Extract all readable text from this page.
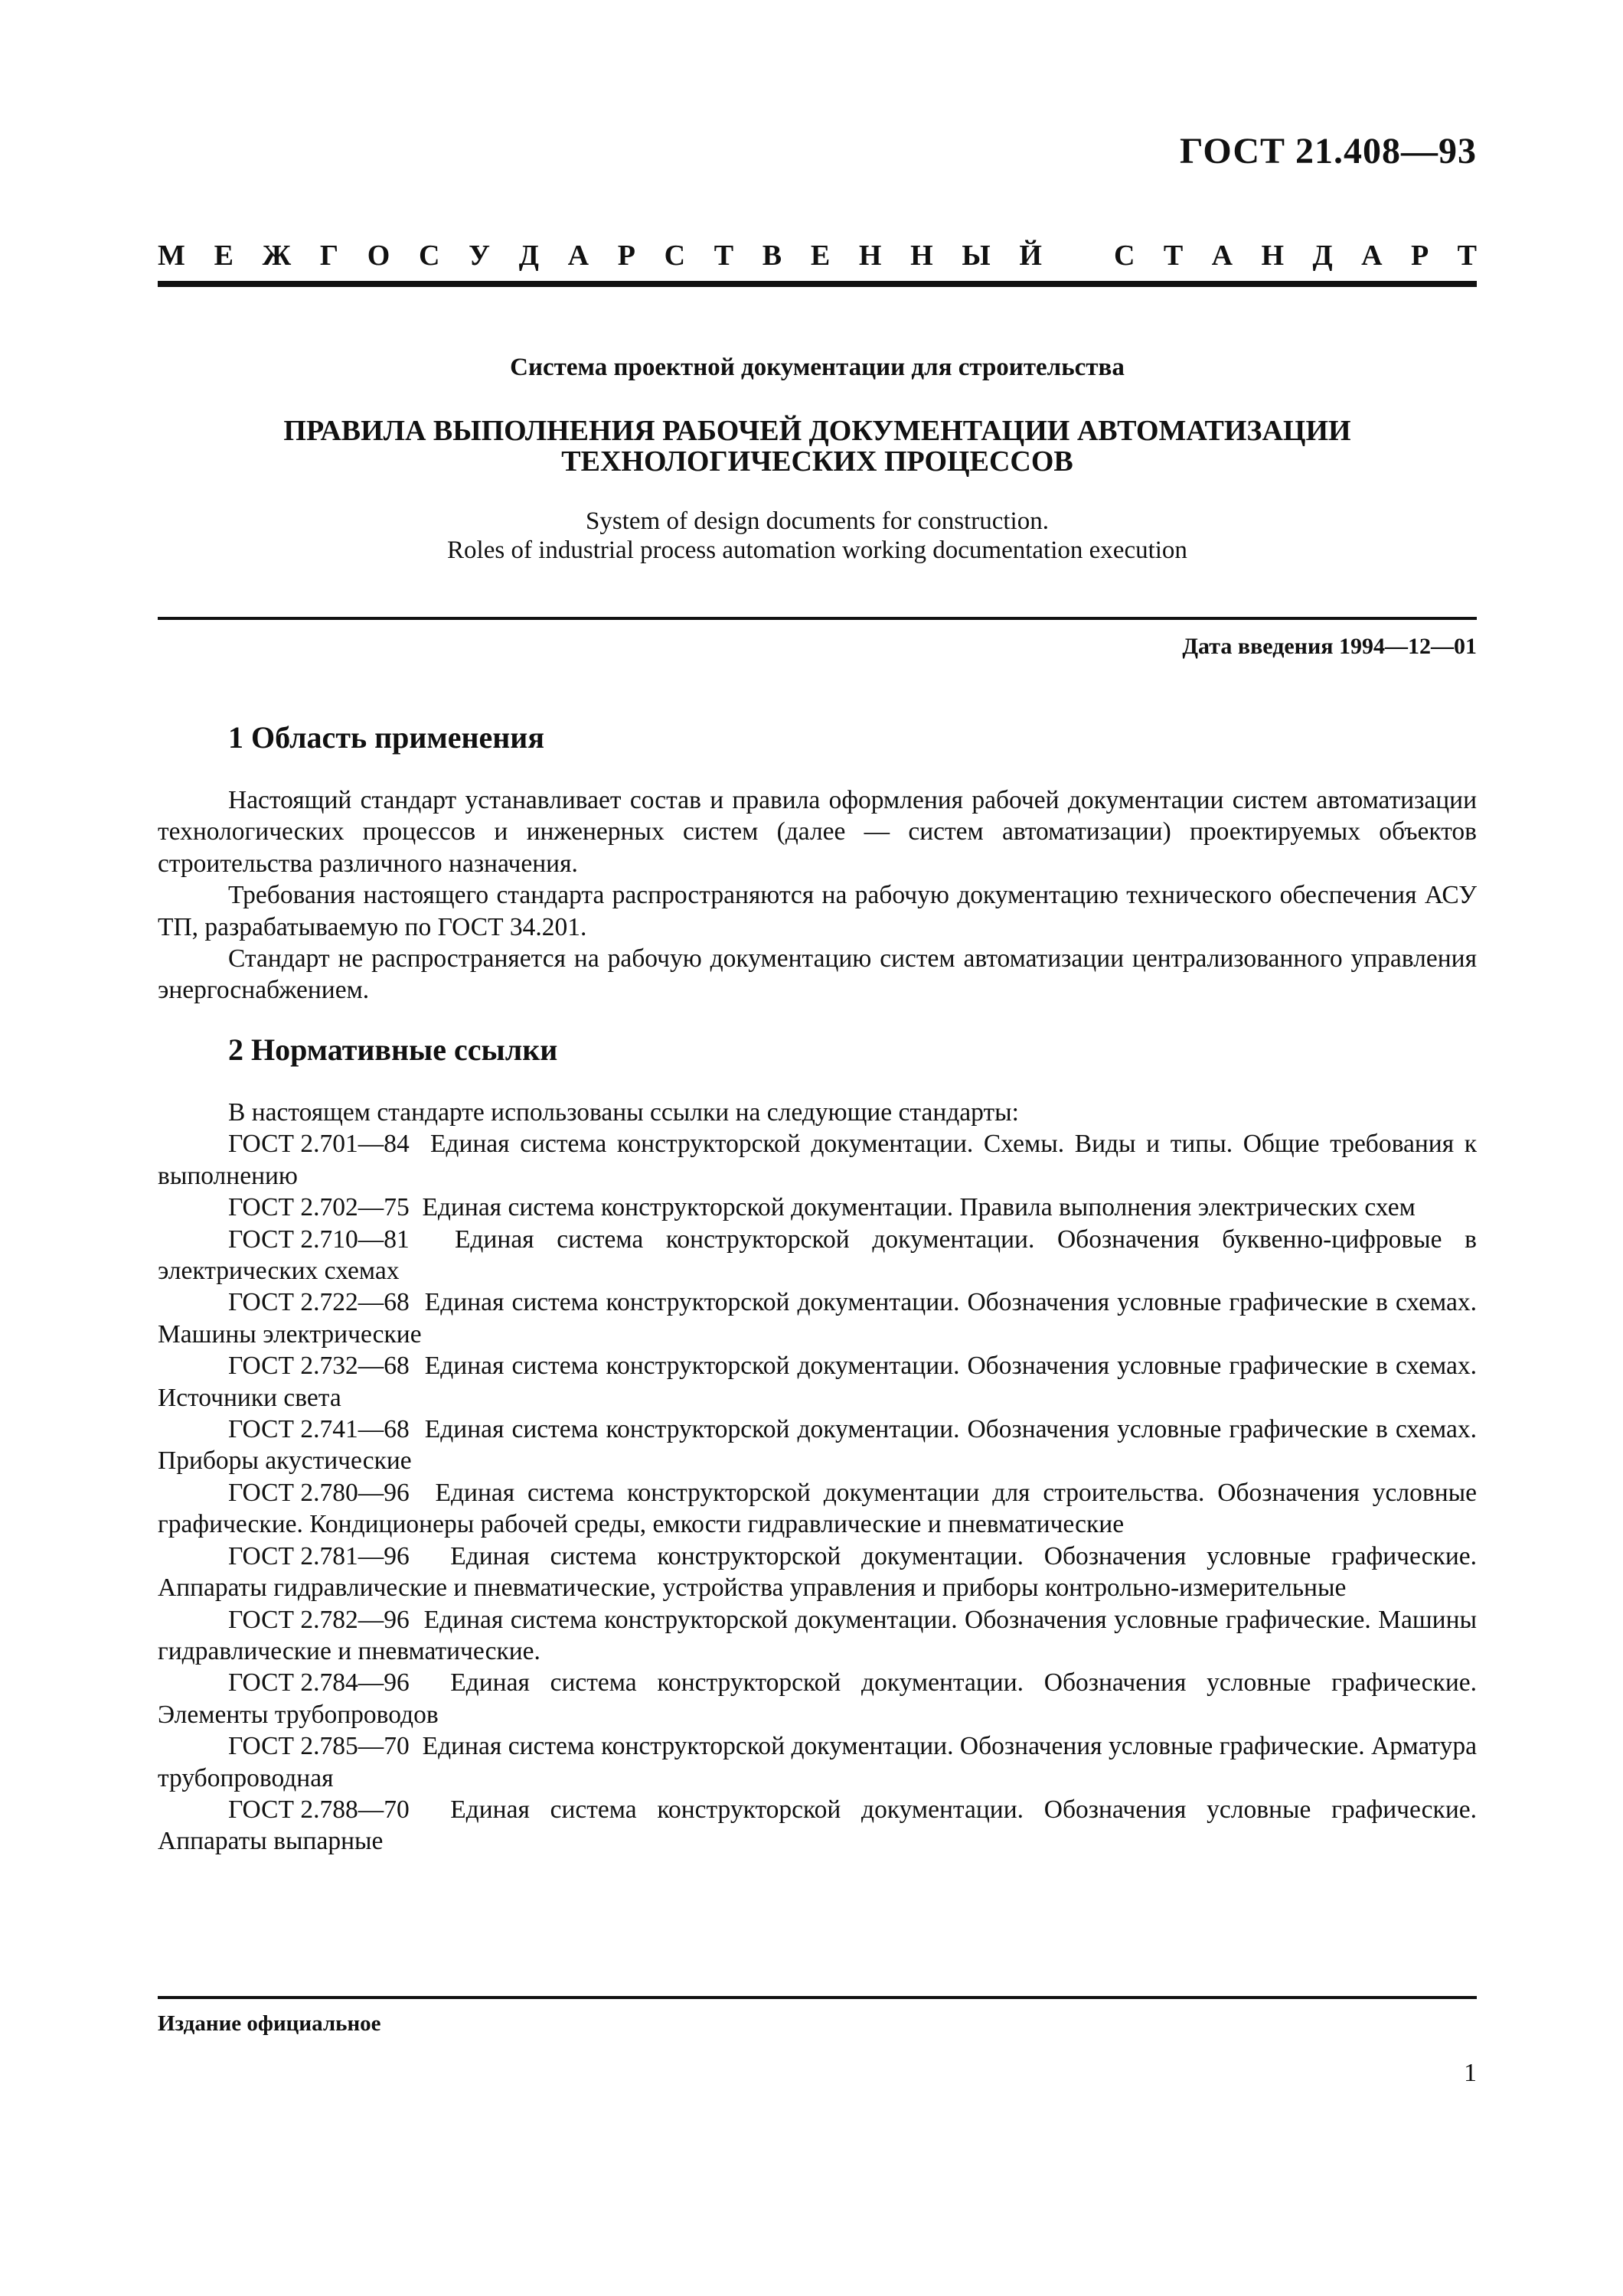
ГОСТ 21.408—93
М Е Ж Г О С У Д А Р С Т В Е Н Н Ы Й С Т А Н Д А Р Т
Система проектной документации для строительства
ПРАВИЛА ВЫПОЛНЕНИЯ РАБОЧЕЙ ДОКУМЕНТАЦИИ АВТОМАТИЗАЦИИ
ТЕХНОЛОГИЧЕСКИХ ПРОЦЕССОВ
System of design documents for construction.
Roles of industrial process automation working documentation execution
Дата введения 1994—12—01
1 Область применения

Настоящий стандарт устанавливает состав и правила оформления рабочей документации систем автоматизации технологических процессов и инженерных систем (далее — систем автоматизации) проектируемых объектов строительства различного назначения.

Требования настоящего стандарта распространяются на рабочую документацию технического обеспечения АСУ ТП, разрабатываемую по ГОСТ 34.201.

Стандарт не распространяется на рабочую документацию систем автоматизации централизованного управления энергоснабжением.

2 Нормативные ссылки

В настоящем стандарте использованы ссылки на следующие стандарты:

ГОСТ 2.701—84 Единая система конструкторской документации. Схемы. Виды и типы. Общие требования к выполнению

ГОСТ 2.702—75 Единая система конструкторской документации. Правила выполнения электрических схем

ГОСТ 2.710—81 Единая система конструкторской документации. Обозначения буквенно-цифровые в электрических схемах

ГОСТ 2.722—68 Единая система конструкторской документации. Обозначения условные графические в схемах. Машины электрические

ГОСТ 2.732—68 Единая система конструкторской документации. Обозначения условные графические в схемах. Источники света

ГОСТ 2.741—68 Единая система конструкторской документации. Обозначения условные графические в схемах. Приборы акустические

ГОСТ 2.780—96 Единая система конструкторской документации для строительства. Обозначения условные графические. Кондиционеры рабочей среды, емкости гидравлические и пневматические

ГОСТ 2.781—96 Единая система конструкторской документации. Обозначения условные графические. Аппараты гидравлические и пневматические, устройства управления и приборы контрольно-измерительные

ГОСТ 2.782—96 Единая система конструкторской документации. Обозначения условные графические. Машины гидравлические и пневматические.

ГОСТ 2.784—96 Единая система конструкторской документации. Обозначения условные графические. Элементы трубопроводов

ГОСТ 2.785—70 Единая система конструкторской документации. Обозначения условные графические. Арматура трубопроводная

ГОСТ 2.788—70 Единая система конструкторской документации. Обозначения условные графические. Аппараты выпарные

Издание официальное
1
